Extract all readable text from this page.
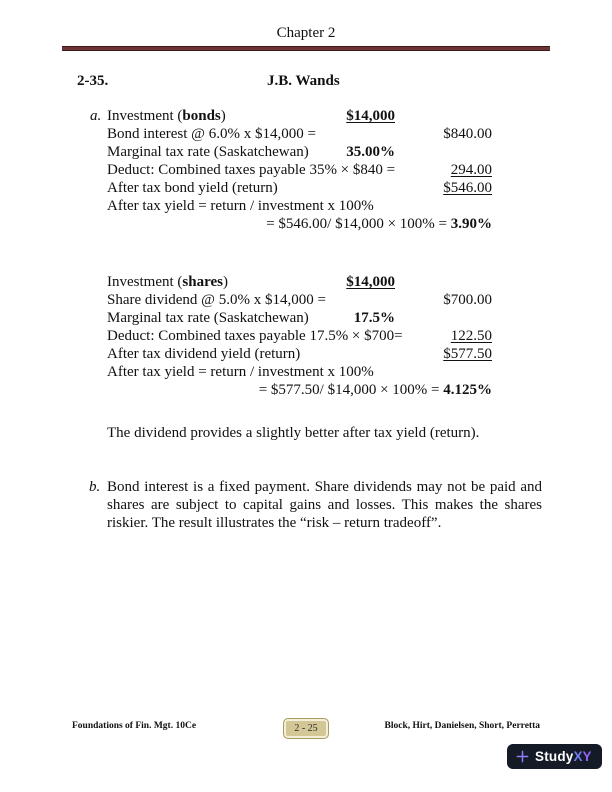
Chapter 2
2-35.	J.B. Wands
a. Investment (bonds)	$14,000
Bond interest @ 6.0% x $14,000 =	$840.00
Marginal tax rate (Saskatchewan)	35.00%
Deduct: Combined taxes payable 35% × $840 =	294.00
After tax bond yield (return)	$546.00
After tax yield = return / investment x 100%
= $546.00/ $14,000 × 100% = 3.90%
Investment (shares)	$14,000
Share dividend @ 5.0% x $14,000 =	$700.00
Marginal tax rate (Saskatchewan)	17.5%
Deduct: Combined taxes payable 17.5% × $700=	122.50
After tax dividend yield (return)	$577.50
After tax yield = return / investment x 100%
= $577.50/ $14,000 × 100% = 4.125%
The dividend provides a slightly better after tax yield (return).
b. Bond interest is a fixed payment. Share dividends may not be paid and shares are subject to capital gains and losses. This makes the shares riskier. The result illustrates the “risk – return tradeoff”.
Foundations of Fin. Mgt. 10Ce	2 - 25	Block, Hirt, Danielsen, Short, Perretta
StudyXY
